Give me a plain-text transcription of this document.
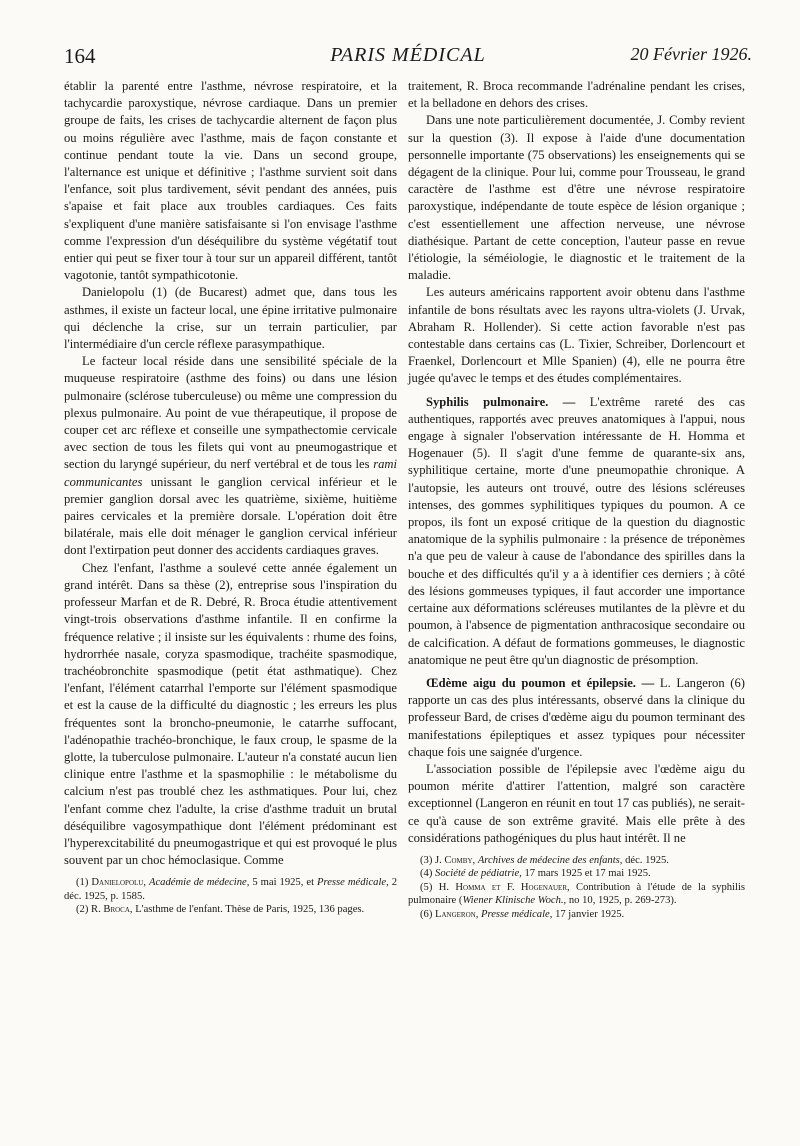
164	PARIS MÉDICAL	20 Février 1926.

établir la parenté entre l'asthme, névrose respiratoire, et la tachycardie paroxystique, névrose cardiaque. Dans un premier groupe de faits, les crises de tachycardie alternent de façon plus ou moins régulière avec l'asthme, mais de façon constante et continue pendant toute la vie. Dans un second groupe, l'alternance est unique et définitive ; l'asthme survient soit dans l'enfance, soit plus tardivement, sévit pendant des années, puis s'apaise et fait place aux troubles cardiaques. Ces faits s'expliquent d'une manière satisfaisante si l'on envisage l'asthme comme l'expression d'un déséquilibre du système végétatif tout entier qui peut se fixer tour à tour sur un appareil différent, tantôt vagotonie, tantôt sympathicotonie.

Danielopolu (1) (de Bucarest) admet que, dans tous les asthmes, il existe un facteur local, une épine irritative pulmonaire qui déclenche la crise, sur un terrain particulier, par l'intermédiaire d'un cercle réflexe parasympathique.

Le facteur local réside dans une sensibilité spéciale de la muqueuse respiratoire (asthme des foins) ou dans une lésion pulmonaire (sclérose tuberculeuse) ou même une compression du plexus pulmonaire. Au point de vue thérapeutique, il propose de couper cet arc réflexe et conseille une sympathectomie cervicale avec section de tous les filets qui vont au pneumogastrique et section du laryngé supérieur, du nerf vertébral et de tous les rami communicantes unissant le ganglion cervical inférieur et le premier ganglion dorsal avec les quatrième, sixième, huitième paires cervicales et la première dorsale. L'opération doit être bilatérale, mais elle doit ménager le ganglion cervical inférieur dont l'extirpation peut donner des accidents cardiaques graves.

Chez l'enfant, l'asthme a soulevé cette année également un grand intérêt. Dans sa thèse (2), entreprise sous l'inspiration du professeur Marfan et de R. Debré, R. Broca étudie attentivement vingt-trois observations d'asthme infantile. Il en confirme la fréquence relative ; il insiste sur les équivalents : rhume des foins, hydrorrhée nasale, coryza spasmodique, trachéite spasmodique, trachéobronchite spasmodique (petit état asthmatique). Chez l'enfant, l'élément catarrhal l'emporte sur l'élément spasmodique et est la cause de la difficulté du diagnostic ; les erreurs les plus fréquentes sont la broncho-pneumonie, le catarrhe suffocant, l'adénopathie trachéo-bronchique, le faux croup, le spasme de la glotte, la tuberculose pulmonaire. L'auteur n'a constaté aucun lien clinique entre l'asthme et la spasmophilie : le métabolisme du calcium n'est pas troublé chez les asthmatiques. Pour lui, chez l'enfant comme chez l'adulte, la crise d'asthme traduit un brutal déséquilibre vagosympathique dont l'élément prédominant est l'hyperexcitabilité du pneumogastrique et qui est provoqué le plus souvent par un choc hémoclasique. Comme

(1) Danielopolu, Académie de médecine, 5 mai 1925, et Presse médicale, 2 déc. 1925, p. 1585.

(2) R. Broca, L'asthme de l'enfant. Thèse de Paris, 1925, 136 pages.

traitement, R. Broca recommande l'adrénaline pendant les crises, et la belladone en dehors des crises.

Dans une note particulièrement documentée, J. Comby revient sur la question (3). Il expose à l'aide d'une documentation personnelle importante (75 observations) les enseignements qui se dégagent de la clinique. Pour lui, comme pour Trousseau, le grand caractère de l'asthme est d'être une névrose respiratoire paroxystique, indépendante de toute espèce de lésion organique ; c'est essentiellement une affection nerveuse, une névrose diathésique. Partant de cette conception, l'auteur passe en revue l'étiologie, la séméiologie, le diagnostic et le traitement de la maladie.

Les auteurs américains rapportent avoir obtenu dans l'asthme infantile de bons résultats avec les rayons ultra-violets (J. Urvak, Abraham R. Hollender). Si cette action favorable n'est pas contestable dans certains cas (L. Tixier, Schreiber, Dorlencourt et Fraenkel, Dorlencourt et Mlle Spanien) (4), elle ne pourra être jugée qu'avec le temps et des études complémentaires.

Syphilis pulmonaire. — L'extrême rareté des cas authentiques, rapportés avec preuves anatomiques à l'appui, nous engage à signaler l'observation intéressante de H. Homma et Hogenauer (5). Il s'agit d'une femme de quarante-six ans, syphilitique certaine, morte d'une pneumopathie chronique. A l'autopsie, les auteurs ont trouvé, outre des lésions scléreuses intenses, des gommes syphilitiques typiques du poumon. A ce propos, ils font un exposé critique de la question du diagnostic anatomique de la syphilis pulmonaire : la présence de tréponèmes n'a que peu de valeur à cause de l'abondance des spirilles dans la bouche et des difficultés qu'il y a à identifier ces derniers ; à côté des lésions gommeuses typiques, il faut accorder une importance certaine aux déformations scléreuses mutilantes de la plèvre et du poumon, à l'absence de pigmentation anthracosique secondaire ou de calcification. A défaut de formations gommeuses, le diagnostic anatomique ne peut être qu'un diagnostic de présomption.

Œdème aigu du poumon et épilepsie. — L. Langeron (6) rapporte un cas des plus intéressants, observé dans la clinique du professeur Bard, de crises d'œdème aigu du poumon terminant des manifestations épileptiques et assez typiques pour nécessiter chaque fois une saignée d'urgence.

L'association possible de l'épilepsie avec l'œdème aigu du poumon mérite d'attirer l'attention, malgré son caractère exceptionnel (Langeron en réunit en tout 17 cas publiés), ne serait-ce qu'à cause de son extrême gravité. Mais elle prête à des considérations pathogéniques du plus haut intérêt. Il ne

(3) J. Comby, Archives de médecine des enfants, déc. 1925.

(4) Société de pédiatrie, 17 mars 1925 et 17 mai 1925.

(5) H. Homma et F. Hogenauer, Contribution à l'étude de la syphilis pulmonaire (Wiener Klinische Woch., no 10, 1925, p. 269-273).

(6) Langeron, Presse médicale, 17 janvier 1925.
